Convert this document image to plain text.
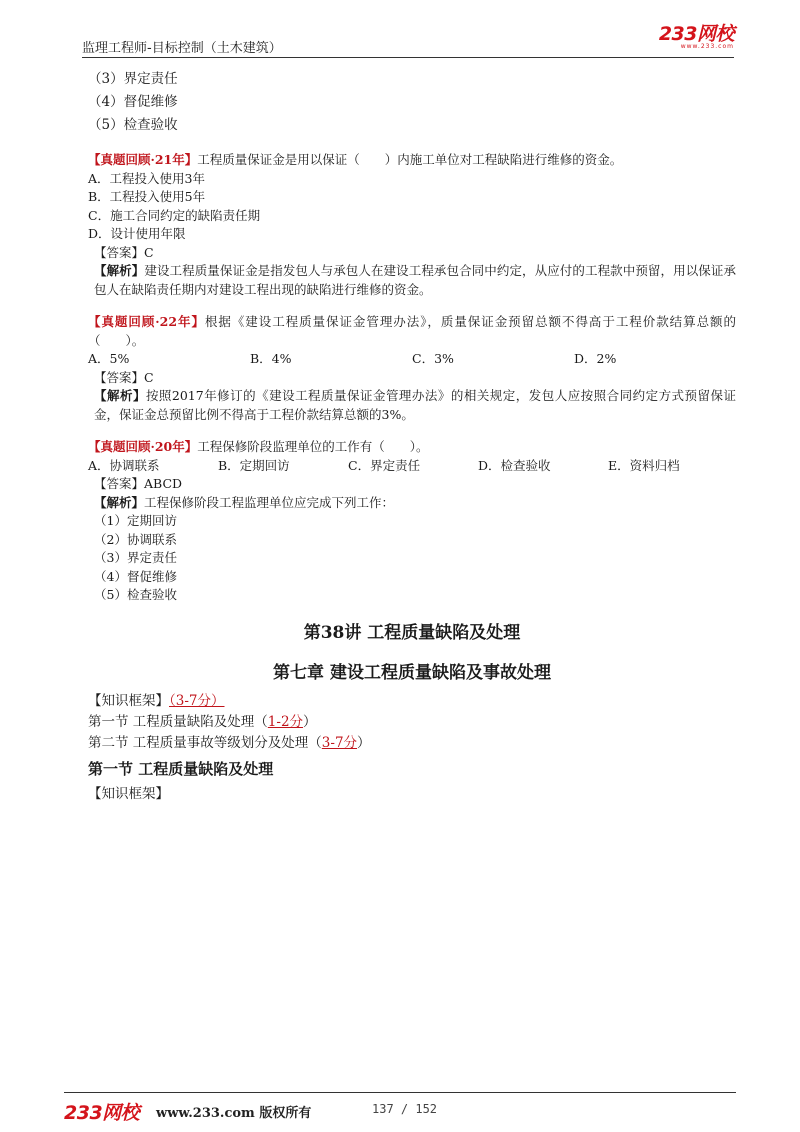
监理工程师-目标控制（土木建筑）
233网校
www.233.com
（3）界定责任
（4）督促维修
（5）检查验收
【真题回顾·21年】工程质量保证金是用以保证（　　）内施工单位对工程缺陷进行维修的资金。
A．工程投入使用3年
B．工程投入使用5年
C．施工合同约定的缺陷责任期
D．设计使用年限
【答案】C
【解析】建设工程质量保证金是指发包人与承包人在建设工程承包合同中约定，从应付的工程款中预留，用以保证承包人在缺陷责任期内对建设工程出现的缺陷进行维修的资金。
【真题回顾·22年】根据《建设工程质量保证金管理办法》，质量保证金预留总额不得高于工程价款结算总额的（　　）。
A．5%	B．4%	C．3%	D．2%
【答案】C
【解析】按照2017年修订的《建设工程质量保证金管理办法》的相关规定，发包人应按照合同约定方式预留保证金，保证金总预留比例不得高于工程价款结算总额的3%。
【真题回顾·20年】工程保修阶段监理单位的工作有（　　）。
A．协调联系	B．定期回访	C．界定责任	D．检查验收	E．资料归档
【答案】ABCD
【解析】工程保修阶段工程监理单位应完成下列工作：
（1）定期回访
（2）协调联系
（3）界定责任
（4）督促维修
（5）检查验收
第38讲 工程质量缺陷及处理
第七章 建设工程质量缺陷及事故处理
【知识框架】（3-7分）
第一节 工程质量缺陷及处理（1-2分）
第二节 工程质量事故等级划分及处理（3-7分）
第一节 工程质量缺陷及处理
【知识框架】
233网校 www.233.com 版权所有	137 / 152
